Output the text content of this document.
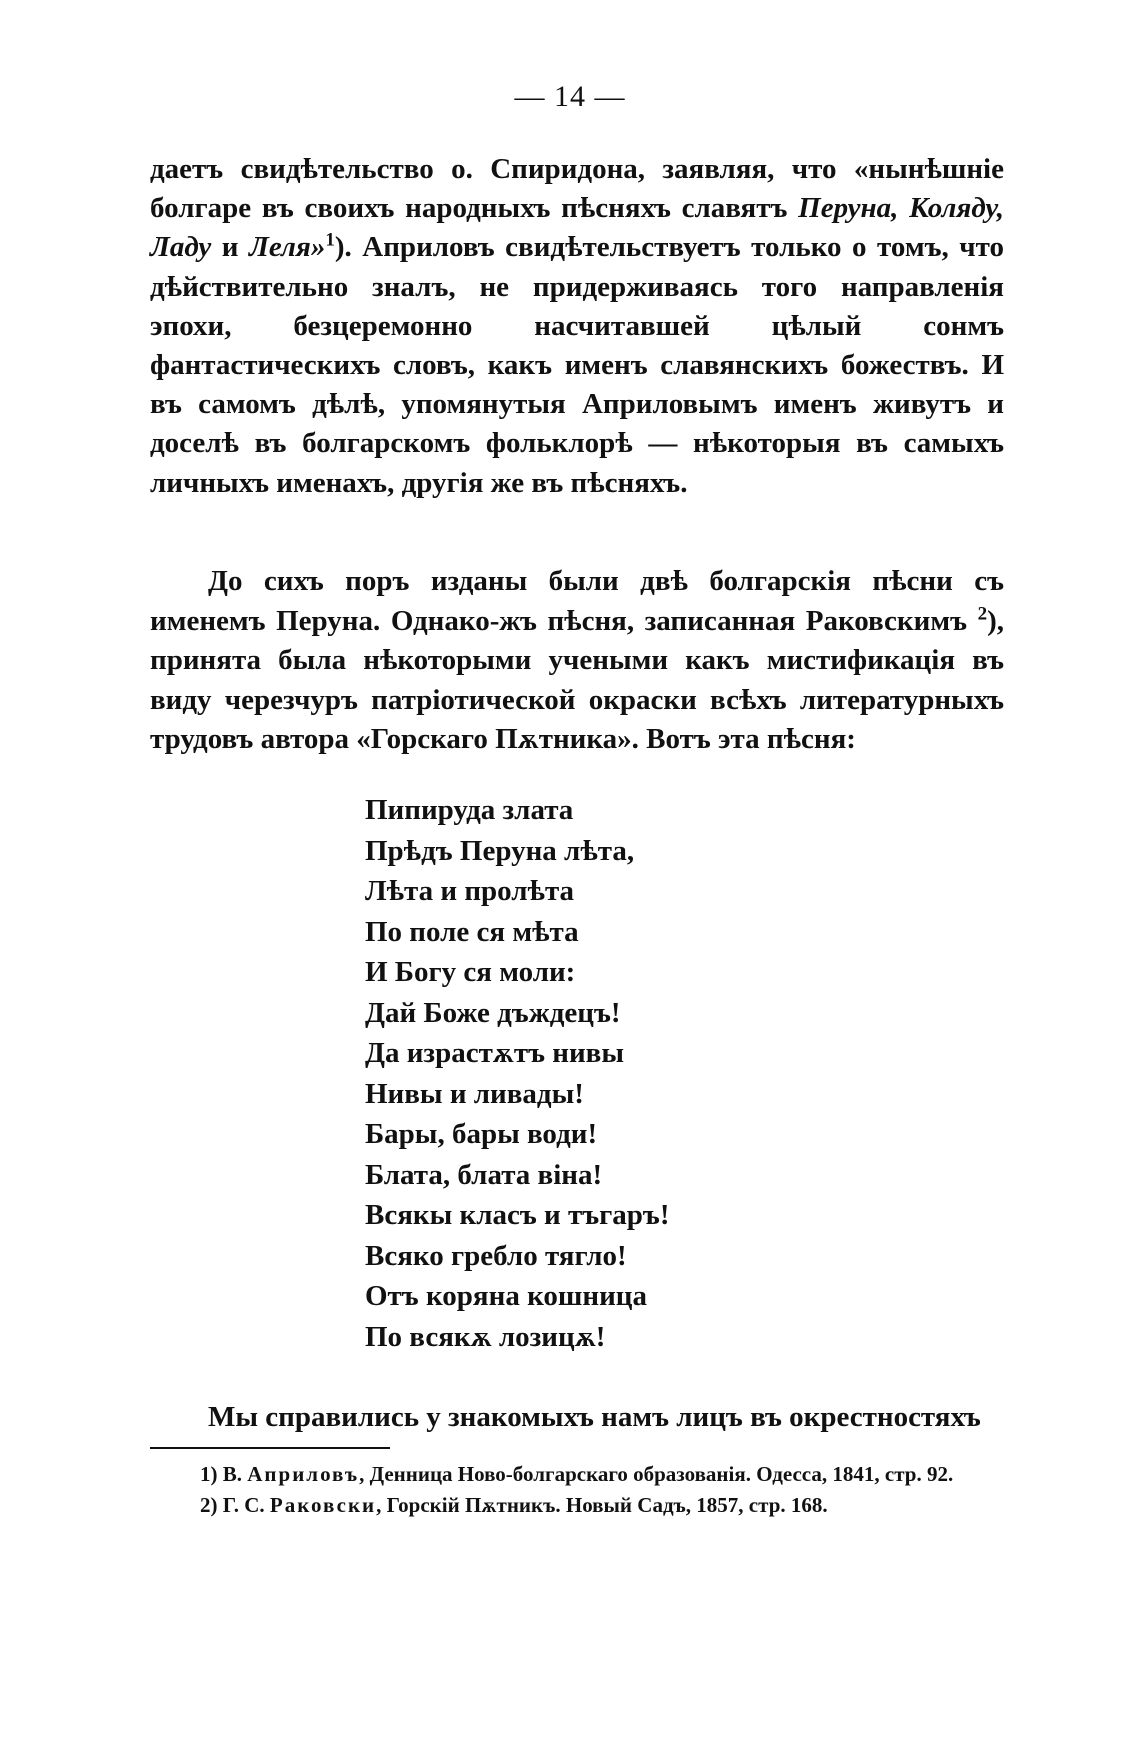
— 14 —

даетъ свидѣтельство о. Спиридона, заявляя, что «нынѣшніе болгаре въ своихъ народныхъ пѣсняхъ славятъ Перуна, Коляду, Ладу и Леля»$^1$). Априловъ свидѣтельствуетъ только о томъ, что дѣйствительно зналъ, не придерживаясь того направленія эпохи, безцеремонно насчитавшей цѣлый сонмъ фантастическихъ словъ, какъ именъ славянскихъ божествъ. И въ самомъ дѣлѣ, упомянутыя Априловымъ именъ живутъ и доселѣ въ болгарскомъ фольклорѣ — нѣкоторыя въ самыхъ личныхъ именахъ, другія же въ пѣсняхъ.

До сихъ поръ изданы были двѣ болгарскія пѣсни съ именемъ Перуна. Однако-жъ пѣсня, записанная Раковскимъ $^2$), принята была нѣкоторыми учеными какъ мистификація въ виду черезчуръ патріотической окраски всѣхъ литературныхъ трудовъ автора «Горскаго Пѫтника». Вотъ эта пѣсня:

Пипируда злата
Прѣдъ Перуна лѣта,
Лѣта и пролѣта
По поле ся мѣта
И Богу ся моли:
Дай Боже дъждецъ!
Да израстѫтъ нивы
Нивы и ливады!
Бары, бары води!
Блата, блата віна!
Всякы класъ и тъгаръ!
Всяко гребло тягло!
Отъ коряна кошница
По всякѫ лозицѫ!

Мы справились у знакомыхъ намъ лицъ въ окрестностяхъ

1) В. Априловъ, Денница Ново-болгарскаго образованія. Одесса, 1841, стр. 92.
2) Г. С. Раковски, Горскій Пѫтникъ. Новый Садъ, 1857, стр. 168.
